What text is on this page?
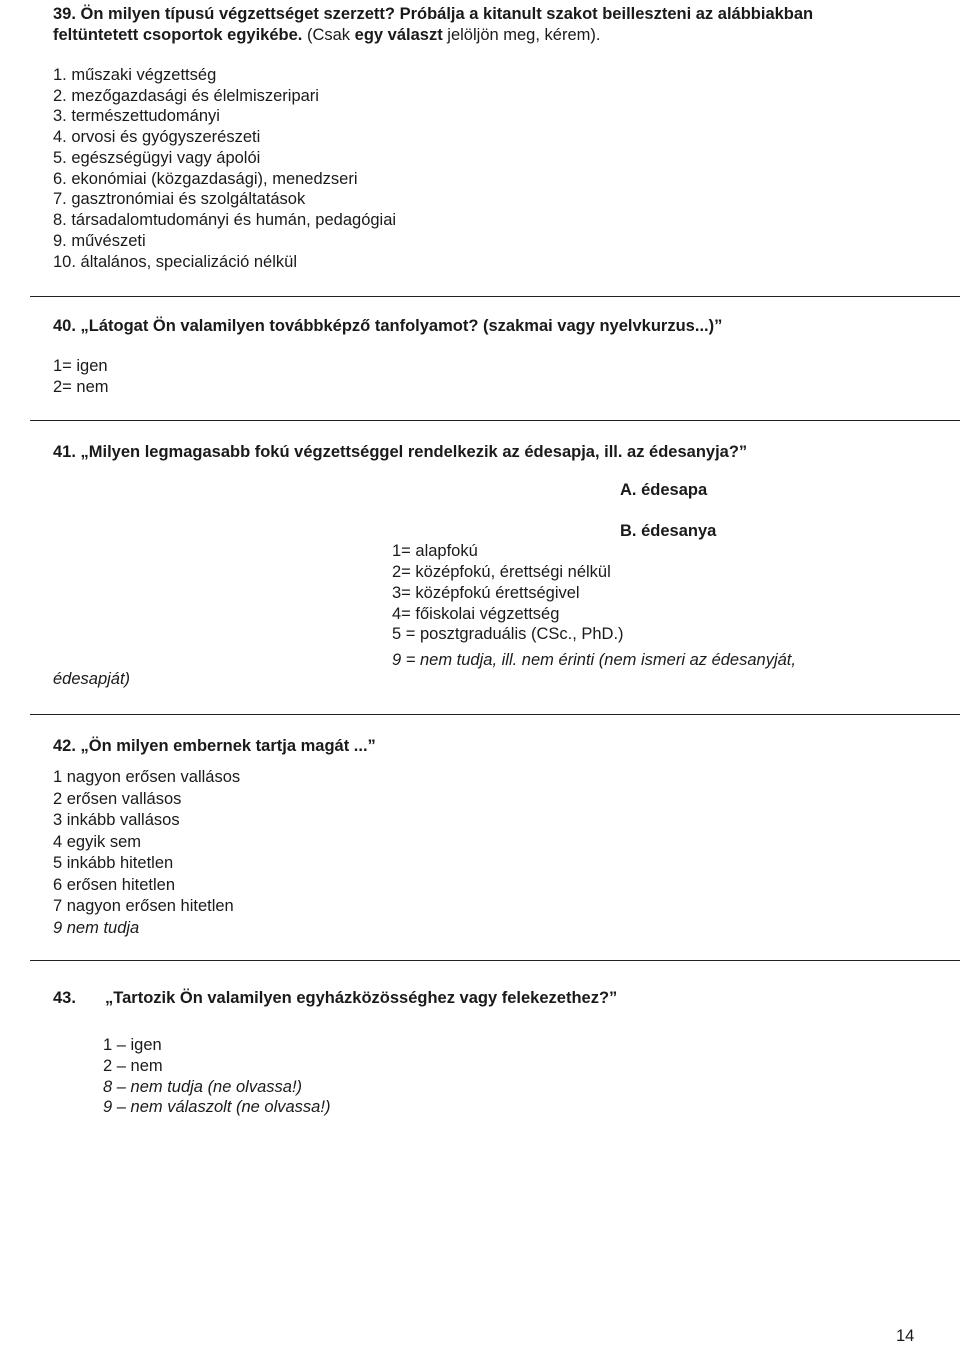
39. Ön milyen típusú végzettséget szerzett? Próbálja a kitanult szakot beilleszteni az alábbiakban
feltüntetett csoportok egyikébe. (Csak egy választ jelöljön meg, kérem).
1. műszaki végzettség
2. mezőgazdasági és élelmiszeripari
3. természettudományi
4. orvosi és gyógyszerészeti
5. egészségügyi vagy ápolói
6. ekonómiai (közgazdasági), menedzseri
7. gasztronómiai és szolgáltatások
8. társadalomtudományi és humán, pedagógiai
9. művészeti
10. általános, specializáció nélkül
40. „Látogat Ön valamilyen továbbképző tanfolyamot? (szakmai vagy nyelvkurzus...)”
1= igen
2= nem
41. „Milyen legmagasabb fokú végzettséggel rendelkezik az édesapja, ill. az édesanyja?”
A. édesapa
B. édesanya
1= alapfokú
2= középfokú, érettségi nélkül
3= középfokú érettségivel
4= főiskolai végzettség
5 = posztgraduális (CSc., PhD.)
9 = nem tudja, ill. nem érinti (nem ismeri az édesanyját,
édesapját)
42. „Ön milyen embernek tartja magát ...”
1 nagyon erősen vallásos
2 erősen vallásos
3 inkább vallásos
4 egyik sem
5 inkább hitetlen
6 erősen hitetlen
7 nagyon erősen hitetlen
9 nem tudja
43. „Tartozik Ön valamilyen egyházközösséghez vagy felekezethez?”
1 – igen
2 – nem
8 – nem tudja (ne olvassa!)
9 – nem válaszolt (ne olvassa!)
14
